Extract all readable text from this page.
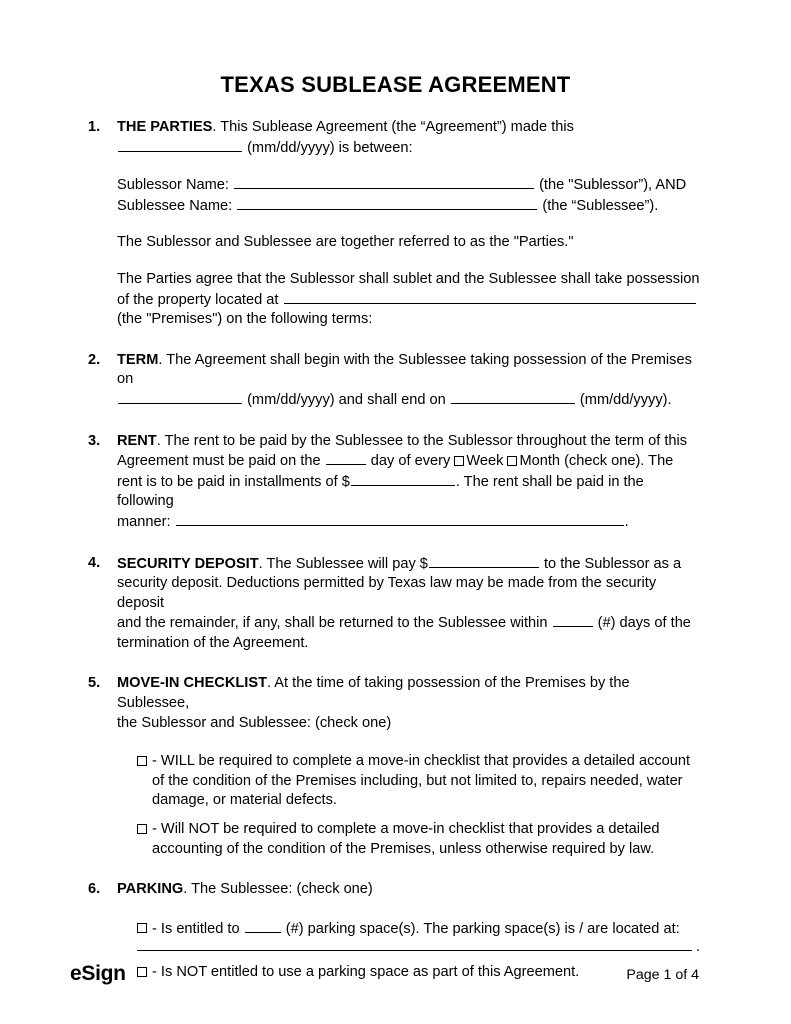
TEXAS SUBLEASE AGREEMENT
1.	THE PARTIES. This Sublease Agreement (the “Agreement”) made this
(mm/dd/yyyy) is between:
Sublessor Name:	(the "Sublessor”), AND
Sublessee Name:	(the “Sublessee”).
The Sublessor and Sublessee are together referred to as the "Parties."
The Parties agree that the Sublessor shall sublet and the Sublessee shall take possession
of the property located at
(the "Premises") on the following terms:
2.	TERM. The Agreement shall begin with the Sublessee taking possession of the Premises on
(mm/dd/yyyy) and shall end on	(mm/dd/yyyy).
3.	RENT. The rent to be paid by the Sublessee to the Sublessor throughout the term of this
Agreement must be paid on the	day of every Week Month (check one). The
rent is to be paid in installments of $	. The rent shall be paid in the following
manner:	.
4.	SECURITY DEPOSIT. The Sublessee will pay $	to the Sublessor as a
security deposit. Deductions permitted by Texas law may be made from the security deposit
and the remainder, if any, shall be returned to the Sublessee within	(#) days of the
termination of the Agreement.
5.	MOVE-IN CHECKLIST. At the time of taking possession of the Premises by the Sublessee,
the Sublessor and Sublessee: (check one)
- WILL be required to complete a move-in checklist that provides a detailed account of the condition of the Premises including, but not limited to, repairs needed, water damage, or material defects.
- Will NOT be required to complete a move-in checklist that provides a detailed accounting of the condition of the Premises, unless otherwise required by law.
6.	PARKING. The Sublessee: (check one)
- Is entitled to	(#) parking space(s). The parking space(s) is / are located at:
.
- Is NOT entitled to use a parking space as part of this Agreement.
eSign	Page 1 of 4
